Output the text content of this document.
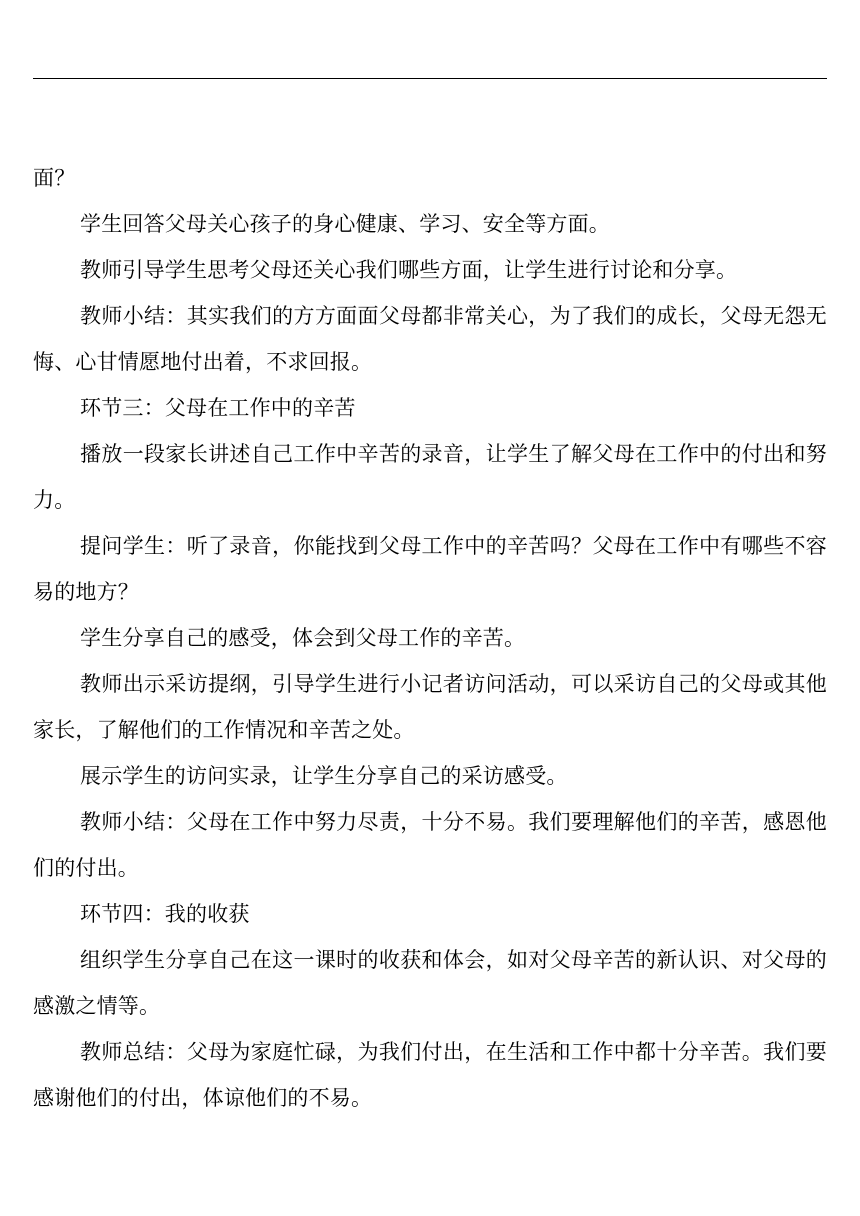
面？

学生回答父母关心孩子的身心健康、学习、安全等方面。

教师引导学生思考父母还关心我们哪些方面，让学生进行讨论和分享。

教师小结：其实我们的方方面面父母都非常关心，为了我们的成长，父母无怨无悔、心甘情愿地付出着，不求回报。

环节三：父母在工作中的辛苦

播放一段家长讲述自己工作中辛苦的录音，让学生了解父母在工作中的付出和努力。

提问学生：听了录音，你能找到父母工作中的辛苦吗？父母在工作中有哪些不容易的地方？

学生分享自己的感受，体会到父母工作的辛苦。

教师出示采访提纲，引导学生进行小记者访问活动，可以采访自己的父母或其他家长，了解他们的工作情况和辛苦之处。

展示学生的访问实录，让学生分享自己的采访感受。

教师小结：父母在工作中努力尽责，十分不易。我们要理解他们的辛苦，感恩他们的付出。

环节四：我的收获

组织学生分享自己在这一课时的收获和体会，如对父母辛苦的新认识、对父母的感激之情等。

教师总结：父母为家庭忙碌，为我们付出，在生活和工作中都十分辛苦。我们要感谢他们的付出，体谅他们的不易。
